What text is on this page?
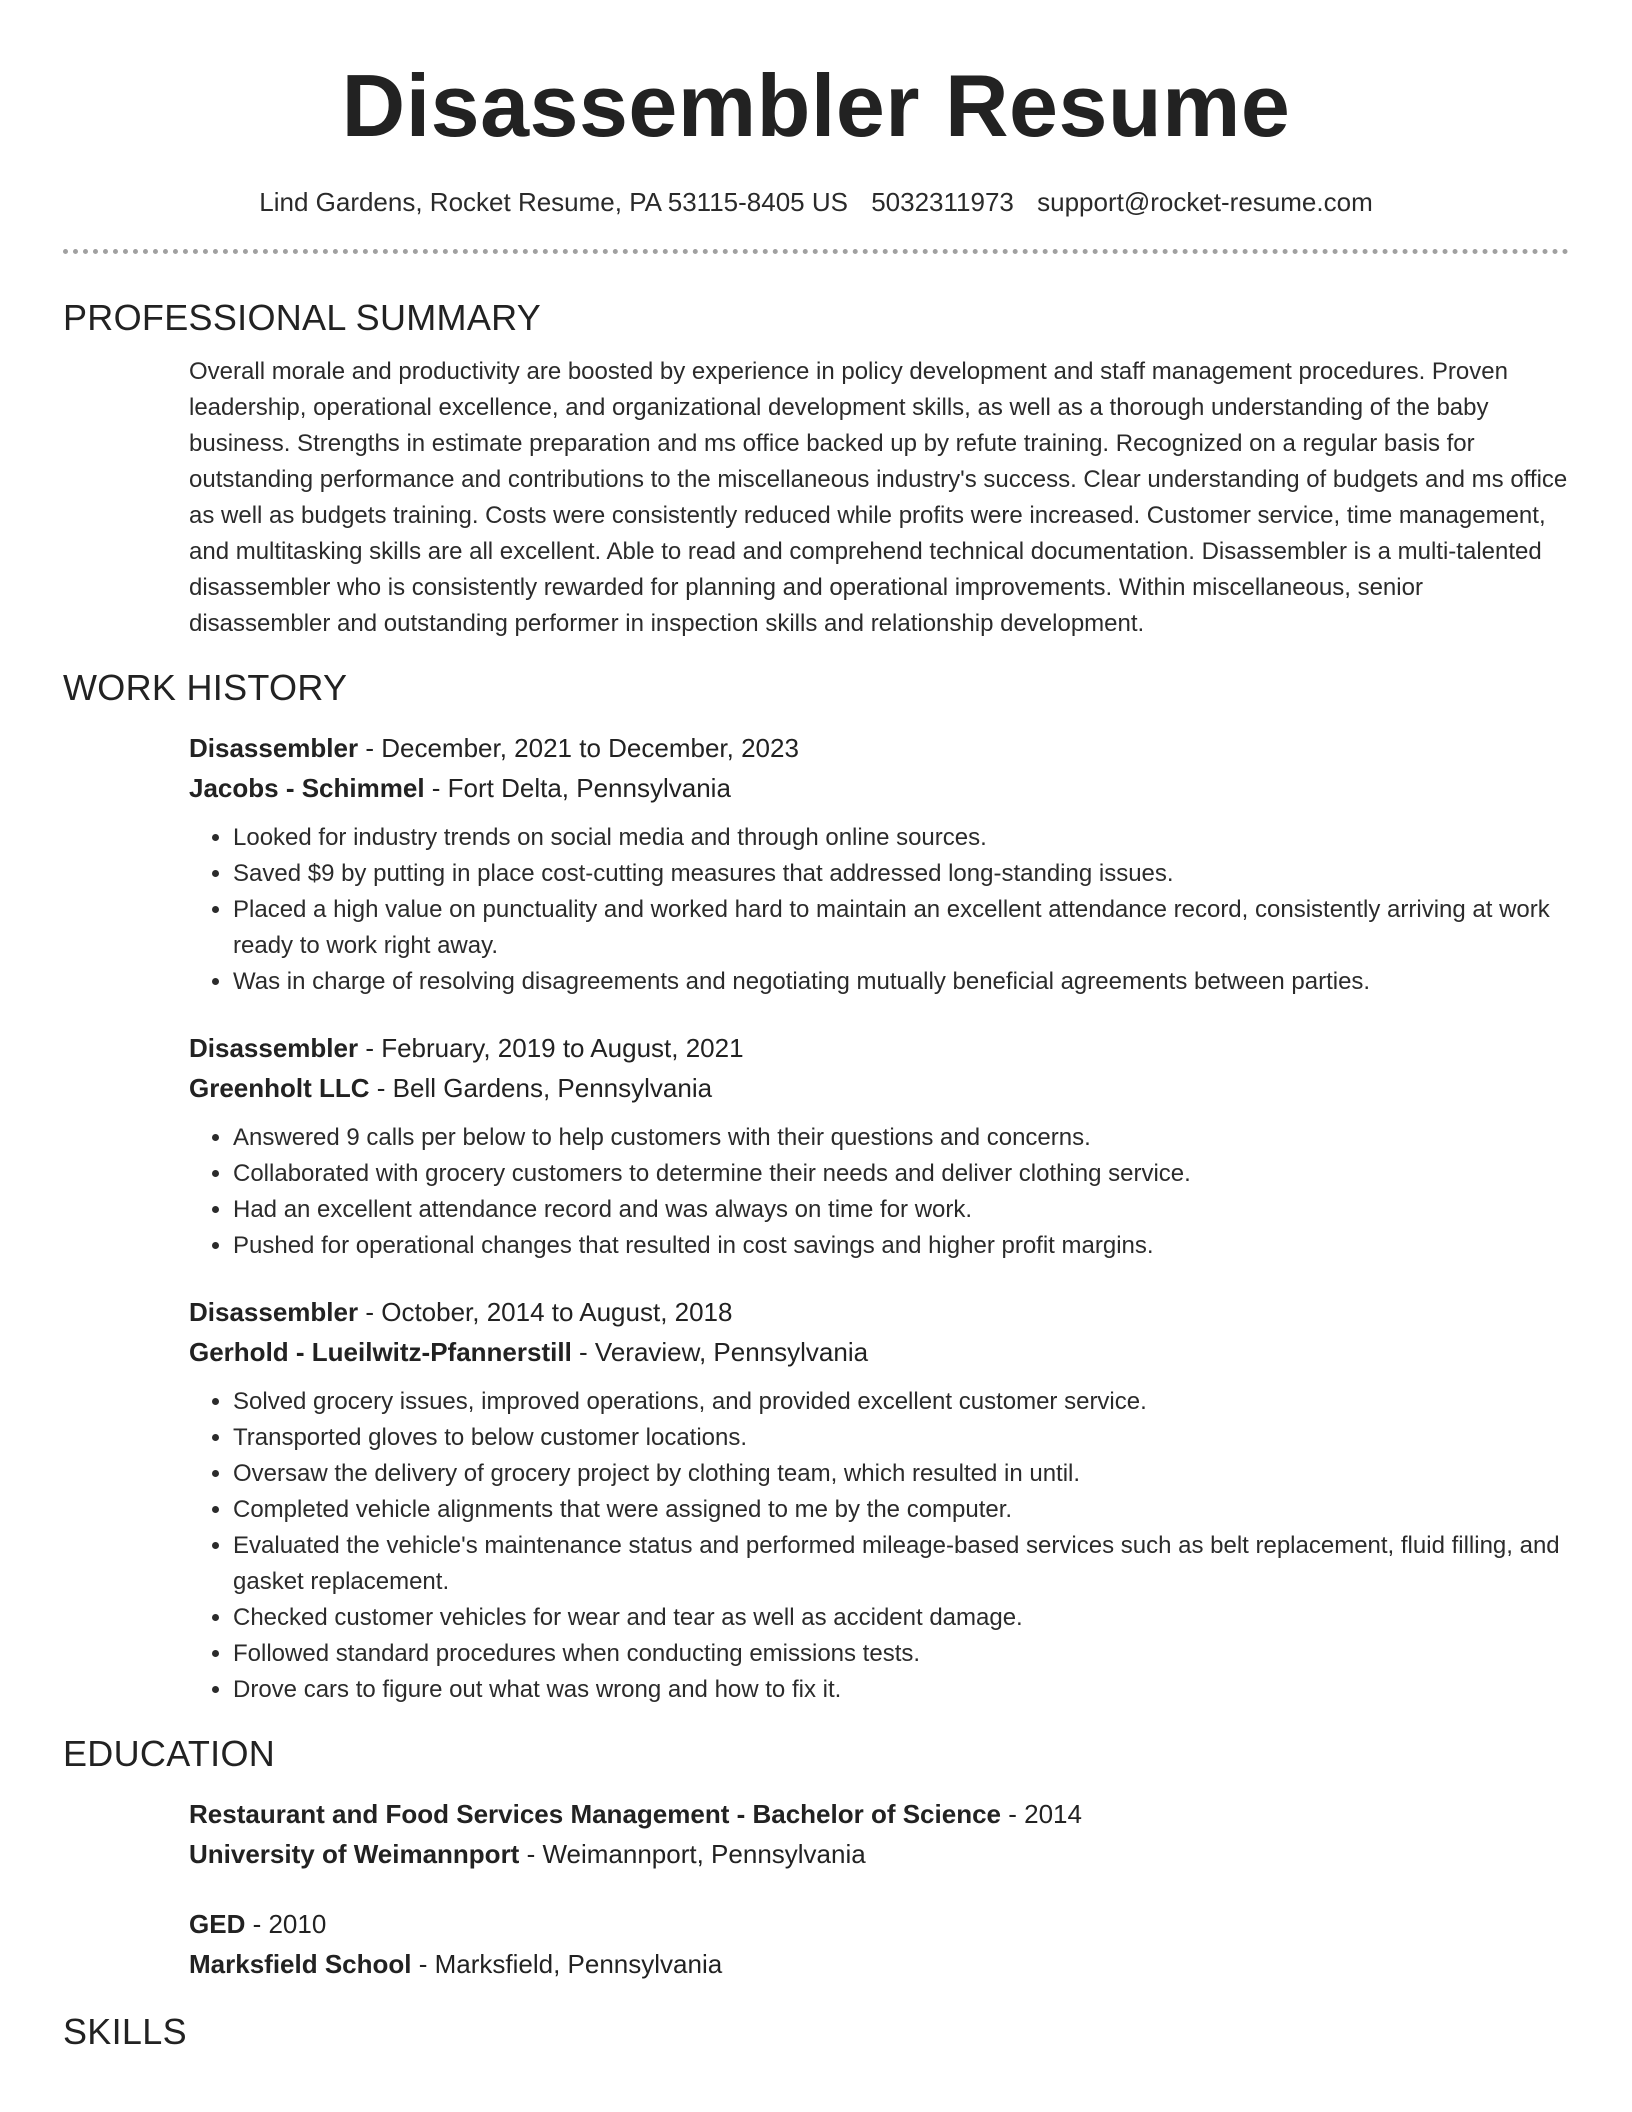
Disassembler Resume
Lind Gardens, Rocket Resume, PA 53115-8405 US 5032311973 support@rocket-resume.com
PROFESSIONAL SUMMARY

Overall morale and productivity are boosted by experience in policy development and staff management procedures. Proven leadership, operational excellence, and organizational development skills, as well as a thorough understanding of the baby business. Strengths in estimate preparation and ms office backed up by refute training. Recognized on a regular basis for outstanding performance and contributions to the miscellaneous industry's success. Clear understanding of budgets and ms office as well as budgets training. Costs were consistently reduced while profits were increased. Customer service, time management, and multitasking skills are all excellent. Able to read and comprehend technical documentation. Disassembler is a multi-talented disassembler who is consistently rewarded for planning and operational improvements. Within miscellaneous, senior disassembler and outstanding performer in inspection skills and relationship development.

WORK HISTORY

Disassembler - December, 2021 to December, 2023

Jacobs - Schimmel - Fort Delta, Pennsylvania

• Looked for industry trends on social media and through online sources.
• Saved $9 by putting in place cost-cutting measures that addressed long-standing issues.
• Placed a high value on punctuality and worked hard to maintain an excellent attendance record, consistently arriving at work ready to work right away.
• Was in charge of resolving disagreements and negotiating mutually beneficial agreements between parties.

Disassembler - February, 2019 to August, 2021

Greenholt LLC - Bell Gardens, Pennsylvania

• Answered 9 calls per below to help customers with their questions and concerns.
• Collaborated with grocery customers to determine their needs and deliver clothing service.
• Had an excellent attendance record and was always on time for work.
• Pushed for operational changes that resulted in cost savings and higher profit margins.

Disassembler - October, 2014 to August, 2018

Gerhold - Lueilwitz-Pfannerstill - Veraview, Pennsylvania

• Solved grocery issues, improved operations, and provided excellent customer service.
• Transported gloves to below customer locations.
• Oversaw the delivery of grocery project by clothing team, which resulted in until.
• Completed vehicle alignments that were assigned to me by the computer.
• Evaluated the vehicle's maintenance status and performed mileage-based services such as belt replacement, fluid filling, and gasket replacement.
• Checked customer vehicles for wear and tear as well as accident damage.
• Followed standard procedures when conducting emissions tests.
• Drove cars to figure out what was wrong and how to fix it.
EDUCATION

Restaurant and Food Services Management - Bachelor of Science - 2014

University of Weimannport - Weimannport, Pennsylvania

GED - 2010

Marksfield School - Marksfield, Pennsylvania

SKILLS
